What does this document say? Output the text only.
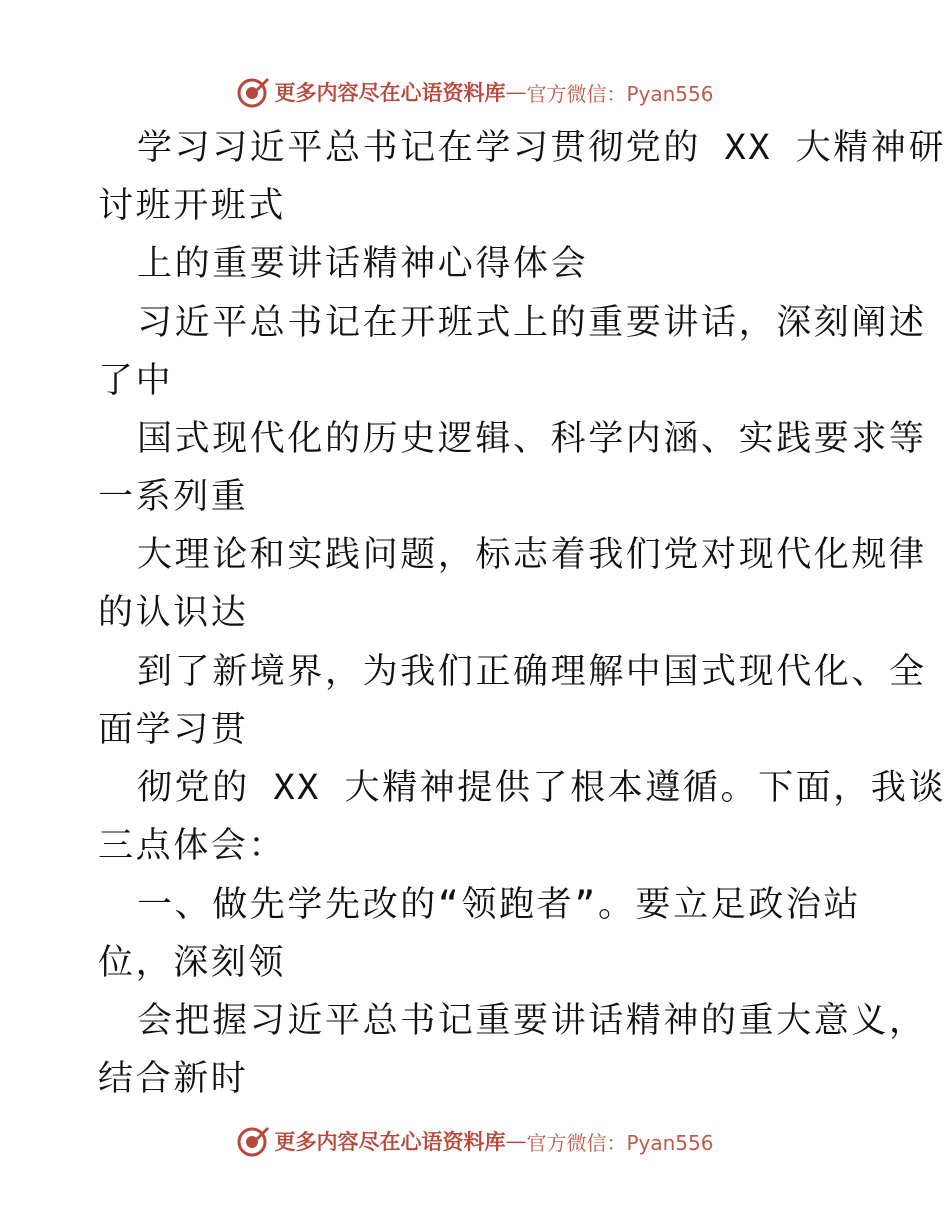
更多内容尽在心语资料库 — 官方微信：Pyan556
学习习近平总书记在学习贯彻党的 XX 大精神研
讨班开班式
上的重要讲话精神心得体会
习近平总书记在开班式上的重要讲话，深刻阐述
了中
国式现代化的历史逻辑、科学内涵、实践要求等
一系列重
大理论和实践问题，标志着我们党对现代化规律
的认识达
到了新境界，为我们正确理解中国式现代化、全
面学习贯
彻党的 XX 大精神提供了根本遵循。下面，我谈
三点体会：
一、做先学先改的“领跑者”。要立足政治站
位，深刻领
会把握习近平总书记重要讲话精神的重大意义，
结合新时
更多内容尽在心语资料库 — 官方微信：Pyan556
